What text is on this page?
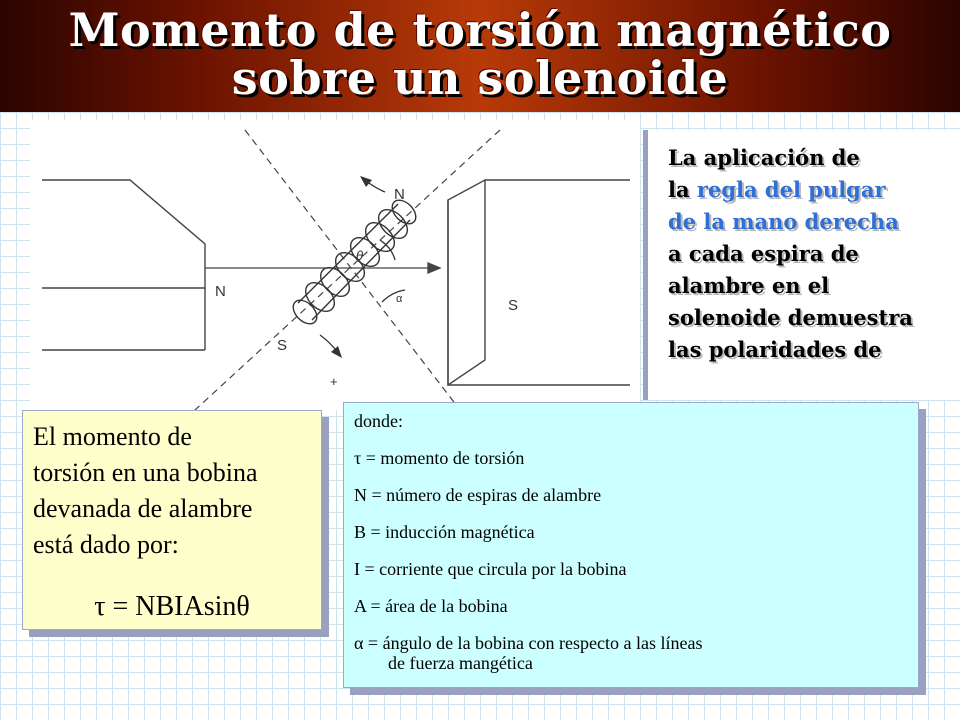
Momento de torsión magnético
sobre un solenoide
N
S
N
S
θ
α
+
La aplicación de
la regla del pulgar
de la mano derecha
a cada espira de
alambre en el
solenoide demuestra
las polaridades de
El momento de
torsión en una bobina
devanada de alambre
está dado por:
τ = NBIAsinθ
donde:
τ = momento de torsión
N = número de espiras de alambre
B = inducción magnética
I = corriente que circula por la bobina
A = área de la bobina
α = ángulo de la bobina con respecto a las líneas
de fuerza mangética
